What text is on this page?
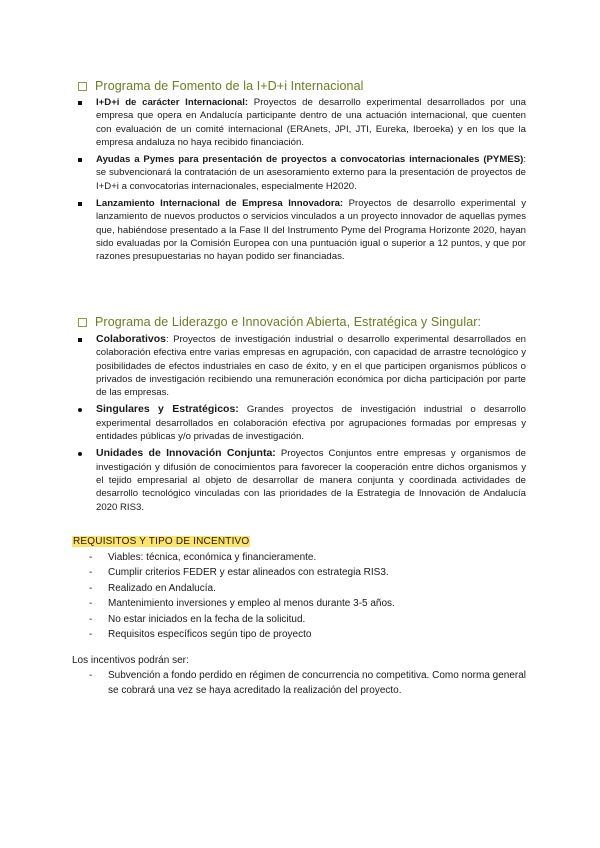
Programa de Fomento de la I+D+i Internacional
I+D+i de carácter Internacional: Proyectos de desarrollo experimental desarrollados por una empresa que opera en Andalucía participante dentro de una actuación internacional, que cuenten con evaluación de un comité internacional (ERAnets, JPI, JTI, Eureka, Iberoeka) y en los que la empresa andaluza no haya recibido financiación.
Ayudas a Pymes para presentación de proyectos a convocatorias internacionales (PYMES): se subvencionará la contratación de un asesoramiento externo para la presentación de proyectos de I+D+i a convocatorias internacionales, especialmente H2020.
Lanzamiento Internacional de Empresa Innovadora: Proyectos de desarrollo experimental y lanzamiento de nuevos productos o servicios vinculados a un proyecto innovador de aquellas pymes que, habiéndose presentado a la Fase II del Instrumento Pyme del Programa Horizonte 2020, hayan sido evaluadas por la Comisión Europea con una puntuación igual o superior a 12 puntos, y que por razones presupuestarias no hayan podido ser financiadas.
Programa de Liderazgo e Innovación Abierta, Estratégica y Singular:
Colaborativos: Proyectos de investigación industrial o desarrollo experimental desarrollados en colaboración efectiva entre varias empresas en agrupación, con capacidad de arrastre tecnológico y posibilidades de efectos industriales en caso de éxito, y en el que participen organismos públicos o privados de investigación recibiendo una remuneración económica por dicha participación por parte de las empresas.
Singulares y Estratégicos: Grandes proyectos de investigación industrial o desarrollo experimental desarrollados en colaboración efectiva por agrupaciones formadas por empresas y entidades públicas y/o privadas de investigación.
Unidades de Innovación Conjunta: Proyectos Conjuntos entre empresas y organismos de investigación y difusión de conocimientos para favorecer la cooperación entre dichos organismos y el tejido empresarial al objeto de desarrollar de manera conjunta y coordinada actividades de desarrollo tecnológico vinculadas con las prioridades de la Estrategia de Innovación de Andalucía 2020 RIS3.
REQUISITOS Y TIPO DE INCENTIVO
- Viables: técnica, económica y financieramente.
- Cumplir criterios FEDER y estar alineados con estrategia RIS3.
- Realizado en Andalucía.
- Mantenimiento inversiones y empleo al menos durante 3-5 años.
- No estar iniciados en la fecha de la solicitud.
- Requisitos específicos según tipo de proyecto
Los incentivos podrán ser:
- Subvención a fondo perdido en régimen de concurrencia no competitiva. Como norma general se cobrará una vez se haya acreditado la realización del proyecto.
